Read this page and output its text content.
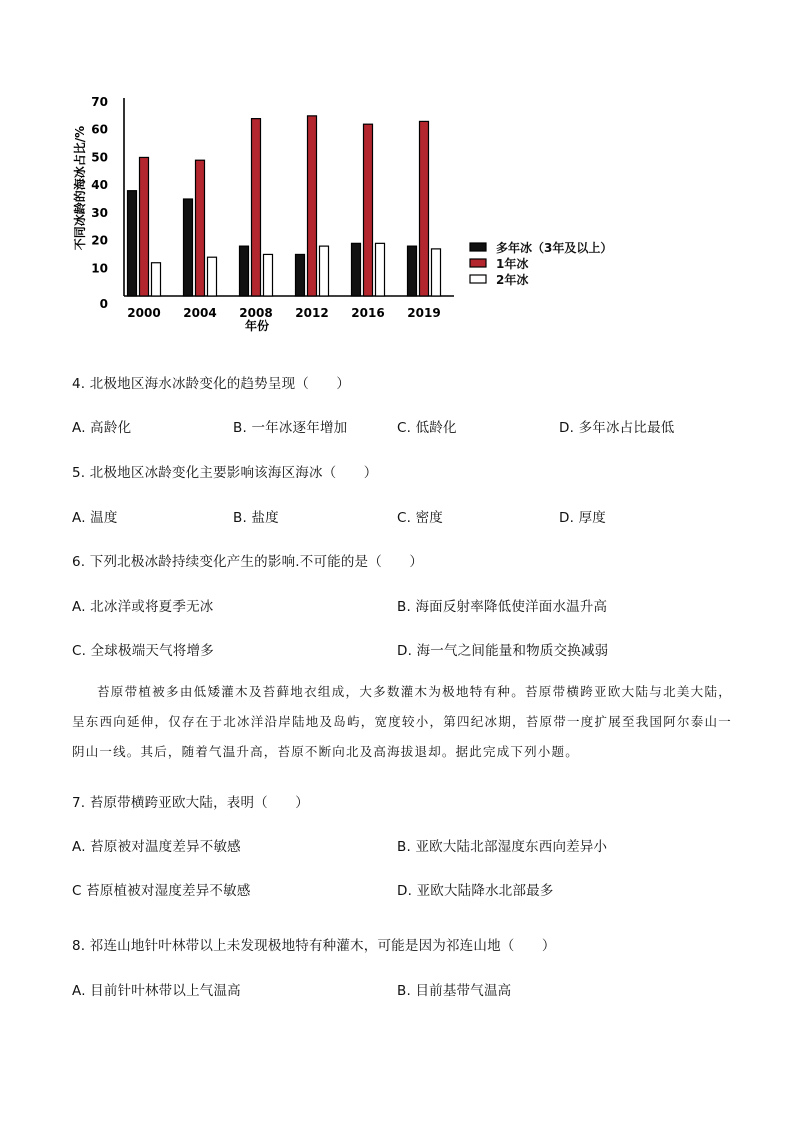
0
10
20
30
40
50
60
70
2000 2004 2008 2012 2016 2019
不同冰龄的海冰占比/%
年份
4. 北极地区海水冰龄变化的趋势呈现（　　）
A. 高龄化	B. 一年冰逐年增加	C. 低龄化	D. 多年冰占比最低
5. 北极地区冰龄变化主要影响该海区海冰（　　）
A. 温度	B. 盐度	C. 密度	D. 厚度
6. 下列北极冰龄持续变化产生的影响.不可能的是（　　）
A. 北冰洋或将夏季无冰	B. 海面反射率降低使洋面水温升高
C. 全球极端天气将增多	D. 海一气之间能量和物质交换减弱
苔原带植被多由低矮灌木及苔藓地衣组成，大多数灌木为极地特有种。苔原带横跨亚欧大陆与北美大陆，呈东西向延伸，仅存在于北冰洋沿岸陆地及岛屿，宽度较小，第四纪冰期，苔原带一度扩展至我国阿尔泰山一阴山一线。其后，随着气温升高，苔原不断向北及高海拔退却。据此完成下列小题。
7. 苔原带横跨亚欧大陆，表明（　　）
A. 苔原被对温度差异不敏感	B. 亚欧大陆北部湿度东西向差异小
C 苔原植被对湿度差异不敏感	D. 亚欧大陆降水北部最多
8. 祁连山地针叶林带以上未发现极地特有种灌木，可能是因为祁连山地（　　）
A. 目前针叶林带以上气温高	B. 目前基带气温高
多年冰（3年及以上）
1年冰
2年冰
